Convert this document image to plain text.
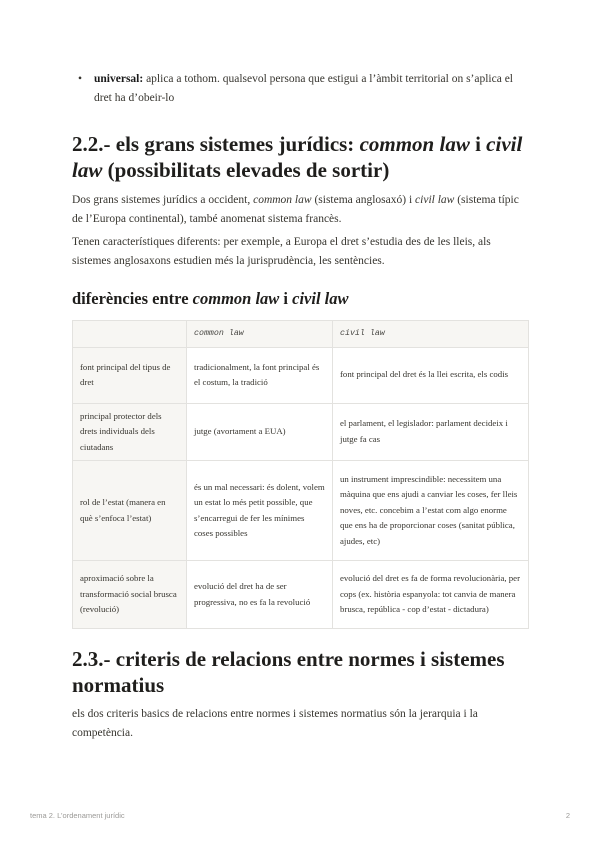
• universal: aplica a tothom. qualsevol persona que estigui a l’àmbit territorial on s’aplica el dret ha d’obeir-lo
2.2.- els grans sistemes jurídics: common law i civil law (possibilitats elevades de sortir)

Dos grans sistemes jurídics a occident, common law (sistema anglosaxó) i civil law (sistema típic de l’Europa continental), també anomenat sistema francès.

Tenen característiques diferents: per exemple, a Europa el dret s’estudia des de les lleis, als sistemes anglosaxons estudien més la jurisprudència, les sentències.

diferències entre common law i civil law
	common law	civil law
font principal del tipus de dret	tradicionalment, la font principal és el costum, la tradició	font principal del dret és la llei escrita, els codis
principal protector dels drets individuals dels ciutadans	jutge (avortament a EUA)	el parlament, el legislador: parlament decideix i jutge fa cas
rol de l’estat (manera en què s’enfoca l’estat)	és un mal necessari: és dolent, volem un estat lo més petit possible, que s’encarregui de fer les mínimes coses possibles	un instrument imprescindible: necessitem una màquina que ens ajudi a canviar les coses, fer lleis noves, etc. concebim a l’estat com algo enorme que ens ha de proporcionar coses (sanitat pública, ajudes, etc)
aproximació sobre la transformació social brusca (revolució)	evolució del dret ha de ser progressiva, no es fa la revolució	evolució del dret es fa de forma revolucionària, per cops (ex. història espanyola: tot canvia de manera brusca, república - cop d’estat - dictadura)
2.3.- criteris de relacions entre normes i sistemes normatius

els dos criteris basics de relacions entre normes i sistemes normatius són la jerarquia i la competència.

tema 2. L’ordenament jurídic	2
